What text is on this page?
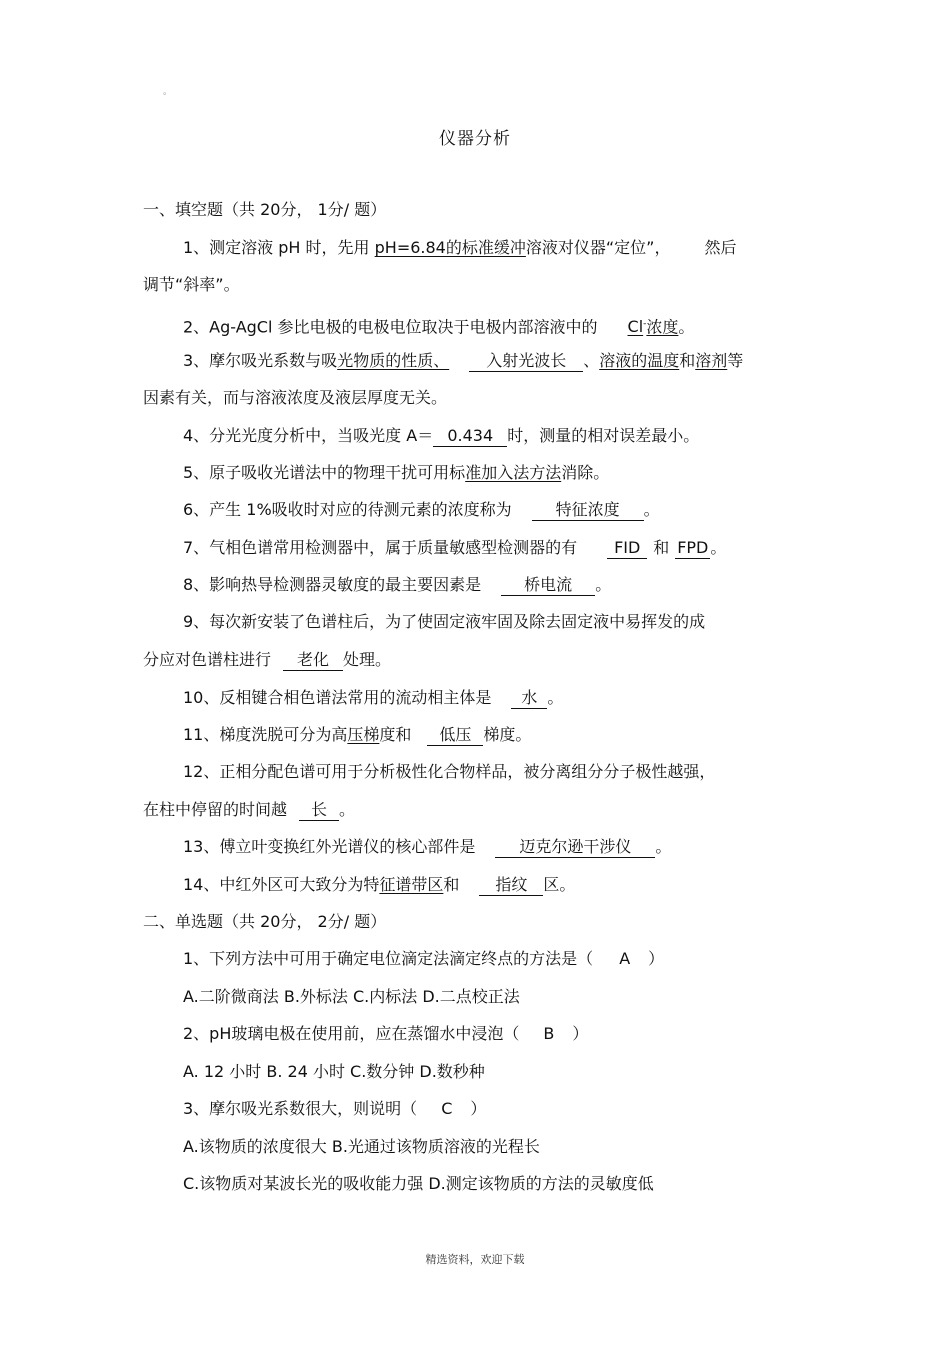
。
仪器分析
一、填空题（共 20分， 1分/ 题）
1、测定溶液 pH 时，先用 pH=6.84的标准缓冲溶液对仪器“定位”， 然后
调节“斜率”。
2、Ag-AgCl 参比电极的电极电位取决于电极内部溶液中的 Cl-浓度。
3、摩尔吸光系数与吸光物质的性质、 入射光波长 、溶液的温度和溶剂等
因素有关，而与溶液浓度及液层厚度无关。
4、分光光度分析中，当吸光度 A＝ 0.434 时，测量的相对误差最小。
5、原子吸收光谱法中的物理干扰可用标准加入法方法消除。
6、产生 1%吸收时对应的待测元素的浓度称为	特征浓度 。
7、气相色谱常用检测器中，属于质量敏感型检测器的有 FID 和 FPD 。
8、影响热导检测器灵敏度的最主要因素是	桥电流 。
9、每次新安装了色谱柱后，为了使固定液牢固及除去固定液中易挥发的成
分应对色谱柱进行 老化 处理。
10、反相键合相色谱法常用的流动相主体是 水 。
11、梯度洗脱可分为高压梯度和 低压 梯度。
12、正相分配色谱可用于分析极性化合物样品，被分离组分分子极性越强，
在柱中停留的时间越 长 。
13、傅立叶变换红外光谱仪的核心部件是	迈克尔逊干涉仪 。
14、中红外区可大致分为特征谱带区和 指纹 区。
二、单选题（共 20分， 2分/ 题）
1、下列方法中可用于确定电位滴定法滴定终点的方法是（ A ）
A.二阶微商法 B.外标法 C.内标法 D.二点校正法
2、pH玻璃电极在使用前，应在蒸馏水中浸泡（ B ）
A. 12 小时 B. 24 小时 C.数分钟 D.数秒种
3、摩尔吸光系数很大，则说明（ C ）
A.该物质的浓度很大 B.光通过该物质溶液的光程长
C.该物质对某波长光的吸收能力强 D.测定该物质的方法的灵敏度低
精选资料，欢迎下载
